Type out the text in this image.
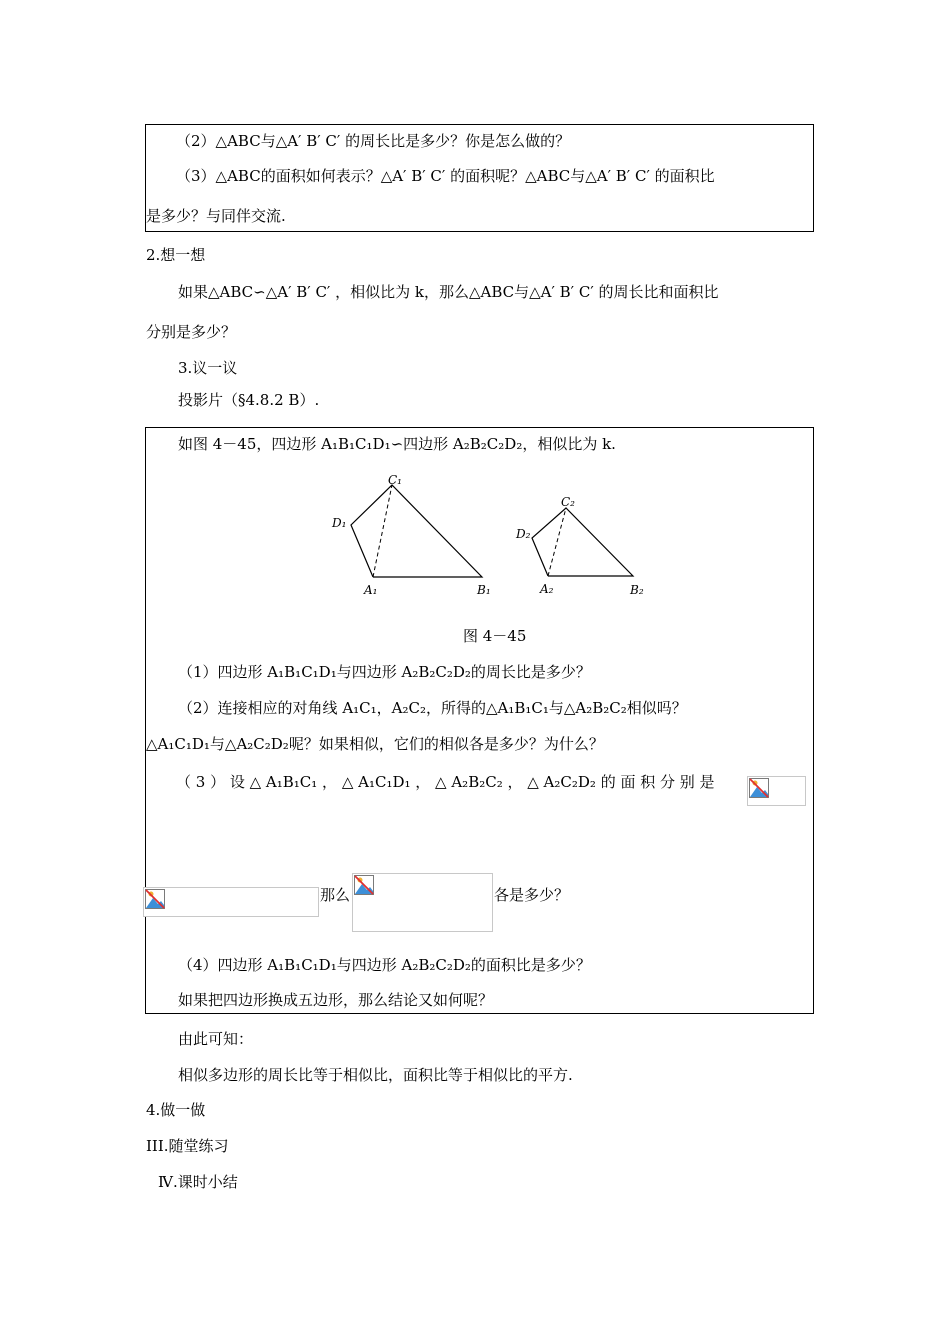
（2）△ABC与△A′ B′ C′ 的周长比是多少？你是怎么做的？
（3）△ABC的面积如何表示？△A′ B′ C′ 的面积呢？△ABC与△A′ B′ C′ 的面积比
是多少？与同伴交流.
2.想一想
如果△ABC∽△A′ B′ C′ ，相似比为 k，那么△ABC与△A′ B′ C′ 的周长比和面积比
分别是多少？
3.议一议
投影片（§4.8.2 B）.
如图 4－45，四边形 A₁B₁C₁D₁∽四边形 A₂B₂C₂D₂，相似比为 k.
C₁
D₁
A₁	B₁
C₂
D₂
A₂	B₂
图 4－45
（1）四边形 A₁B₁C₁D₁与四边形 A₂B₂C₂D₂的周长比是多少？
（2）连接相应的对角线 A₁C₁，A₂C₂，所得的△A₁B₁C₁与△A₂B₂C₂相似吗？
△A₁C₁D₁与△A₂C₂D₂呢？如果相似，它们的相似各是多少？为什么？
（ 3 ） 设 △ A₁B₁C₁ ， △ A₁C₁D₁ ， △ A₂B₂C₂ ， △ A₂C₂D₂ 的 面 积 分 别 是
那么	各是多少？
（4）四边形 A₁B₁C₁D₁与四边形 A₂B₂C₂D₂的面积比是多少？
如果把四边形换成五边形，那么结论又如何呢？
由此可知：
相似多边形的周长比等于相似比，面积比等于相似比的平方.
4.做一做
III.随堂练习
Ⅳ.课时小结
